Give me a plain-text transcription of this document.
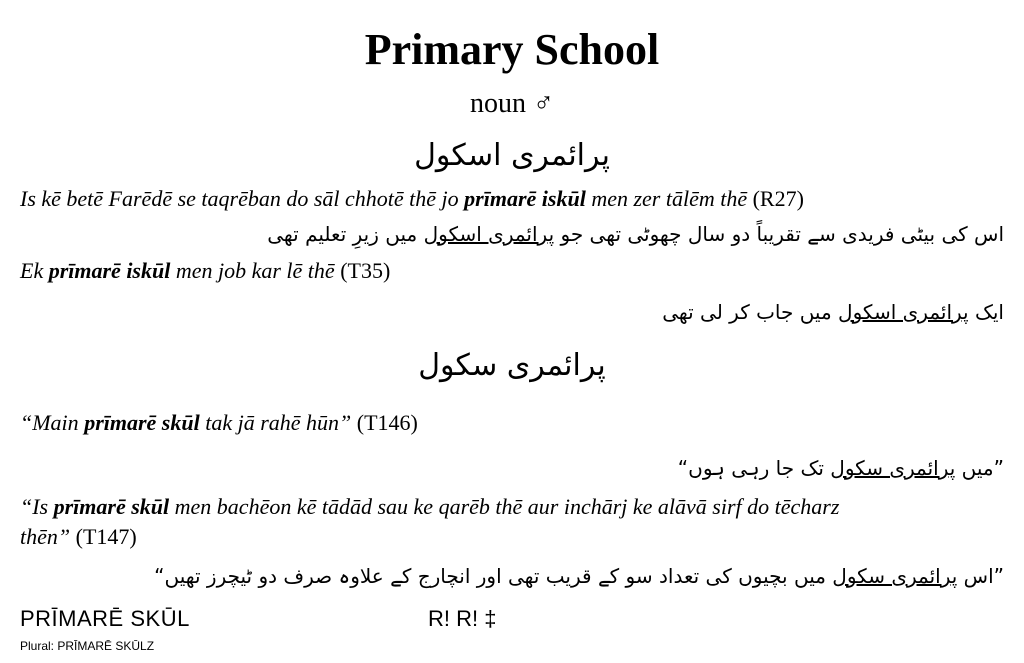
Primary School
noun ♂
پرائمری اسکول
Is kē betē Farēdē se taqrēban do sāl chhotē thē jo prīmarē iskūl men zer tālēm thē (R27)
اس کی بیٹی فریدی سے تقریباً دو سال چھوٹی تھی جو پرائمری اسکول میں زیرِ تعلیم تھی
Ek prīmarē iskūl men job kar lē thē (T35)
ایک پرائمری اسکول میں جاب کر لی تھی
پرائمری سکول
“Main prīmarē skūl tak jā rahē hūn” (T146)
”میں پرائمری سکول تک جا رہی ہوں“
“Is prīmarē skūl men bachēon kē tādād sau ke qarēb thē aur inchārj ke alāvā sirf do tēcharz
thēn” (T147)
”اس پرائمری سکول میں بچیوں کی تعداد سو کے قریب تھی اور انچارج کے علاوہ صرف دو ٹیچرز تھیں“
PRĪMARĒ SKŪL	R! R! ‡
Plural: PRĪMARĒ SKŪLZ
